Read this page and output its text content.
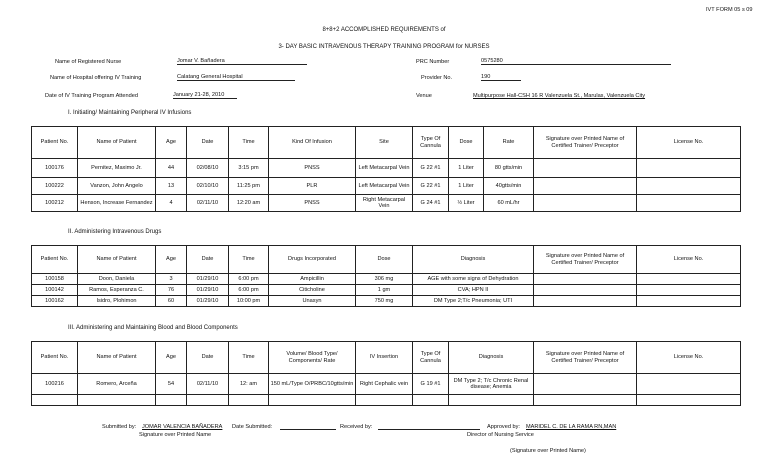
IVT FORM 05 s 09
8+8+2 ACCOMPLISHED REQUIREMENTS of
3- DAY BASIC INTRAVENOUS THERAPY TRAINING PROGRAM for NURSES
Name of Registered Nurse	Jomar V. Bañadera	PRC Number	0575280
Name of Hospital offering IV Training	Calatang General Hospital	Provider No.	190
Date of IV Training Program Attended	January 21-28, 2010	Venue	Multipurpose Hall-CSH 16 R Valenzuela St., Marulas, Valenzuela City
I. Initiating/ Maintaining Peripheral IV Infusions
Patient No.	Name of Patient	Age	Date	Time	Kind Of Infusion	Site	Type Of Cannula	Dose	Rate	Signature over Printed Name of Certified Trainer/ Preceptor	License No.
100176	Pernitez, Maximo Jr.	44	02/08/10	3:15 pm	PNSS	Left Metacarpal Vein	G 22 #1	1 Liter	80 gtts/min		
100222	Vanzon, John Angelo	13	02/10/10	11:25 pm	PLR	Left Metacarpal Vein	G 22 #1	1 Liter	40gtts/min		
100212	Henson, Increase Fernandez	4	02/11/10	12:20 am	PNSS	Right Metacarpal Vein	G 24 #1	½ Liter	60 mL/hr		
II. Administering Intravenous Drugs
Patient No.	Name of Patient	Age	Date	Time	Drugs Incorporated	Dose	Diagnosis	Signature over Printed Name of Certified Trainer/ Preceptor	License No.
100158	Doon, Daniela	3	01/29/10	6:00 pm	Ampicillin	306 mg	AGE with some signs of Dehydration		
100142	Ramos, Esperanza C.	76	01/29/10	6:00 pm	Citicholine	1 gm	CVA; HPN II		
100162	Isidro, Plohimon	60	01/29/10	10:00 pm	Unasyn	750 mg	DM Type 2;T/c Pneumonia; UTI		
III. Administering and Maintaining Blood and Blood Components
Patient No.	Name of Patient	Age	Date	Time	Volume/ Blood Type/ Components/ Rate	IV Insertion	Type Of Cannula	Diagnosis	Signature over Printed Name of Certified Trainer/ Preceptor	License No.
100216	Romero, Arceña	54	02/11/10	12: am	150 mL/Type O/PRBC/10gtts/min	Right Cephalic vein	G 19 #1	DM Type 2; T/c Chronic Renal disease; Anemia		

Submitted by: JOMAR VALENCIA BAÑADERA Date Submitted:	Received by:	Approved by: MARIDEL C. DE LA RAMA RN,MAN
Signature over Printed Name	Director of Nursing Service
(Signature over Printed Name)
